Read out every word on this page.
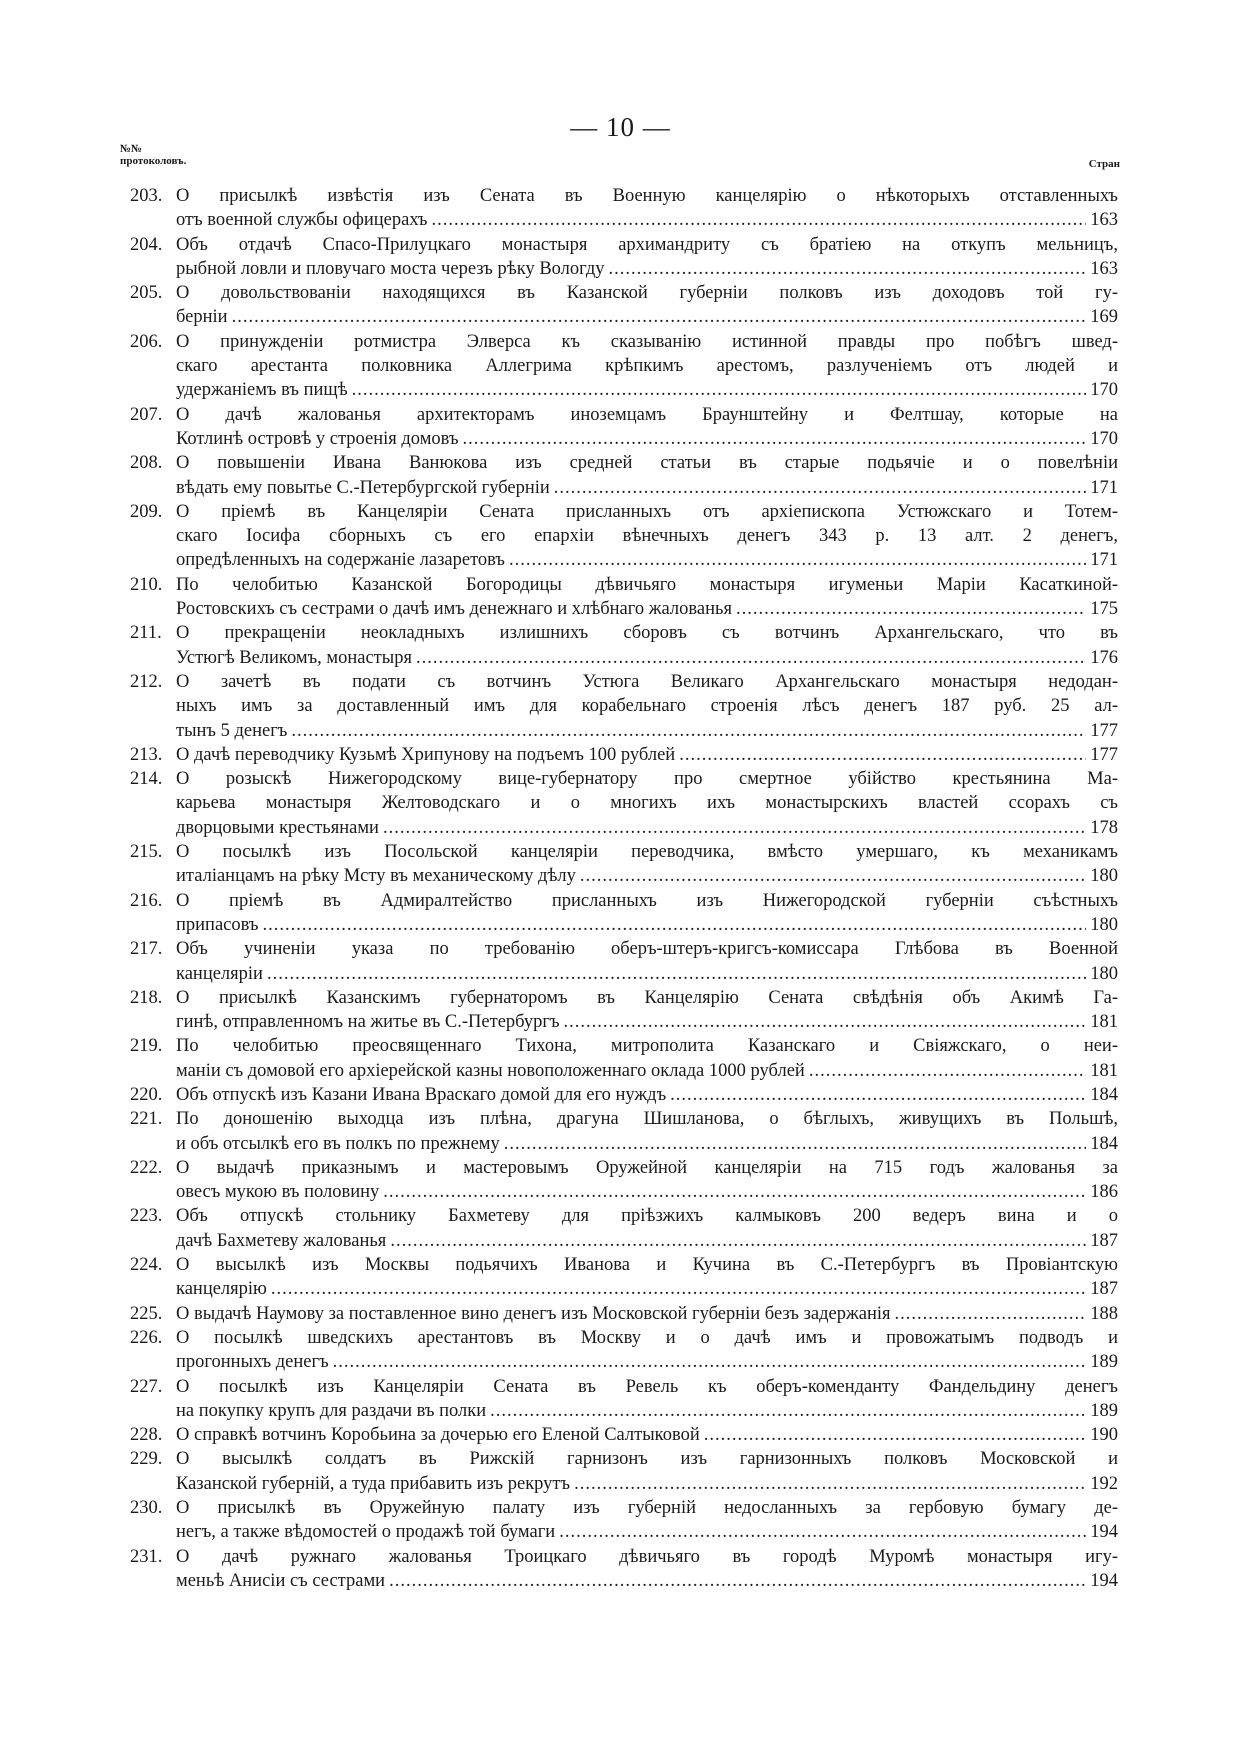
— 10 —
№№ протоколовъ.	Стран
203. О присылкѣ извѣстія изъ Сената въ Военную канцелярію о нѣкоторыхъ отставленныхъ
отъ военной службы офицерахъ .....	163
204. Объ отдачѣ Спасо-Прилуцкаго монастыря архимандриту съ братіею на откупъ мельницъ,
рыбной ловли и пловучаго моста черезъ рѣку Вологду .....	163
205. О довольствованіи находящихся въ Казанской губерніи полковъ изъ доходовъ той гу-
берніи .....	169
206. О принужденіи ротмистра Элверса къ сказыванію истинной правды про побѣгъ швед-
скаго арестанта полковника Аллегрима крѣпкимъ арестомъ, разлученіемъ отъ людей и
удержаніемъ въ пищѣ .....	170
207. О дачѣ жалованья архитекторамъ иноземцамъ Браунштейну и Фелтшау, которые на
Котлинѣ островѣ у строенія домовъ .....	170
208. О повышеніи Ивана Ванюкова изъ средней статьи въ старые подьячіе и о повелѣніи
вѣдать ему повытье С.-Петербургской губерніи .....	171
209. О пріемѣ въ Канцеляріи Сената присланныхъ отъ архіепископа Устюжскаго и Тотем-
скаго Іосифа сборныхъ съ его епархіи вѣнечныхъ денегъ 343 р. 13 алт. 2 денегъ,
опредѣленныхъ на содержаніе лазаретовъ .....	171
210. По челобитью Казанской Богородицы дѣвичьяго монастыря игуменьи Маріи Касаткиной-
Ростовскихъ съ сестрами о дачѣ имъ денежнаго и хлѣбнаго жалованья .....	175
211. О прекращеніи неокладныхъ излишнихъ сборовъ съ вотчинъ Архангельскаго, что въ
Устюгѣ Великомъ, монастыря .....	176
212. О зачетѣ въ подати съ вотчинъ Устюга Великаго Архангельскаго монастыря недодан-
ныхъ имъ за доставленный имъ для корабельнаго строенія лѣсъ денегъ 187 руб. 25 ал-
тынъ 5 денегъ .....	177
213. О дачѣ переводчику Кузьмѣ Хрипунову на подъемъ 100 рублей .....	177
214. О розыскѣ Нижегородскому вице-губернатору про смертное убійство крестьянина Ма-
карьева монастыря Желтоводскаго и о многихъ ихъ монастырскихъ властей ссорахъ съ
дворцовыми крестьянами .....	178
215. О посылкѣ изъ Посольской канцеляріи переводчика, вмѣсто умершаго, къ механикамъ
италіанцамъ на рѣку Мсту въ механическому дѣлу .....	180
216. О пріемѣ въ Адмиралтейство присланныхъ изъ Нижегородской губерніи съѣстныхъ
припасовъ .....	180
217. Объ учиненіи указа по требованію оберъ-штеръ-кригсъ-комиссара Глѣбова въ Военной
канцеляріи .....	180
218. О присылкѣ Казанскимъ губернаторомъ въ Канцелярію Сената свѣдѣнія объ Акимѣ Га-
гинѣ, отправленномъ на житье въ С.-Петербургъ .....	181
219. По челобитью преосвященнаго Тихона, митрополита Казанскаго и Свіяжскаго, о неи-
маніи съ домовой его архіерейской казны новоположеннаго оклада 1000 рублей .....	181
220. Объ отпускѣ изъ Казани Ивана Враскаго домой для его нуждъ .....	184
221. По доношенію выходца изъ плѣна, драгуна Шишланова, о бѣглыхъ, живущихъ въ Польшѣ,
и объ отсылкѣ его въ полкъ по прежнему .....	184
222. О выдачѣ приказнымъ и мастеровымъ Оружейной канцеляріи на 715 годъ жалованья за
овесъ мукою въ половину .....	186
223. Объ отпускѣ стольнику Бахметеву для пріѣзжихъ калмыковъ 200 ведеръ вина и о
дачѣ Бахметеву жалованья .....	187
224. О высылкѣ изъ Москвы подьячихъ Иванова и Кучина въ С.-Петербургъ въ Провіантскую
канцелярію .....	187
225. О выдачѣ Наумову за поставленное вино денегъ изъ Московской губерніи безъ задержанія .....	188
226. О посылкѣ шведскихъ арестантовъ въ Москву и о дачѣ имъ и провожатымъ подводъ и
прогонныхъ денегъ .....	189
227. О посылкѣ изъ Канцеляріи Сената въ Ревель къ оберъ-коменданту Фандельдину денегъ
на покупку крупъ для раздачи въ полки .....	189
228. О справкѣ вотчинъ Коробьина за дочерью его Еленой Салтыковой .....	190
229. О высылкѣ солдатъ въ Рижскій гарнизонъ изъ гарнизонныхъ полковъ Московской и
Казанской губерній, а туда прибавить изъ рекрутъ .....	192
230. О присылкѣ въ Оружейную палату изъ губерній недосланныхъ за гербовую бумагу де-
негъ, а также вѣдомостей о продажѣ той бумаги .....	194
231. О дачѣ ружнаго жалованья Троицкаго дѣвичьяго въ городѣ Муромѣ монастыря игу-
меньѣ Анисіи съ сестрами .....	194
